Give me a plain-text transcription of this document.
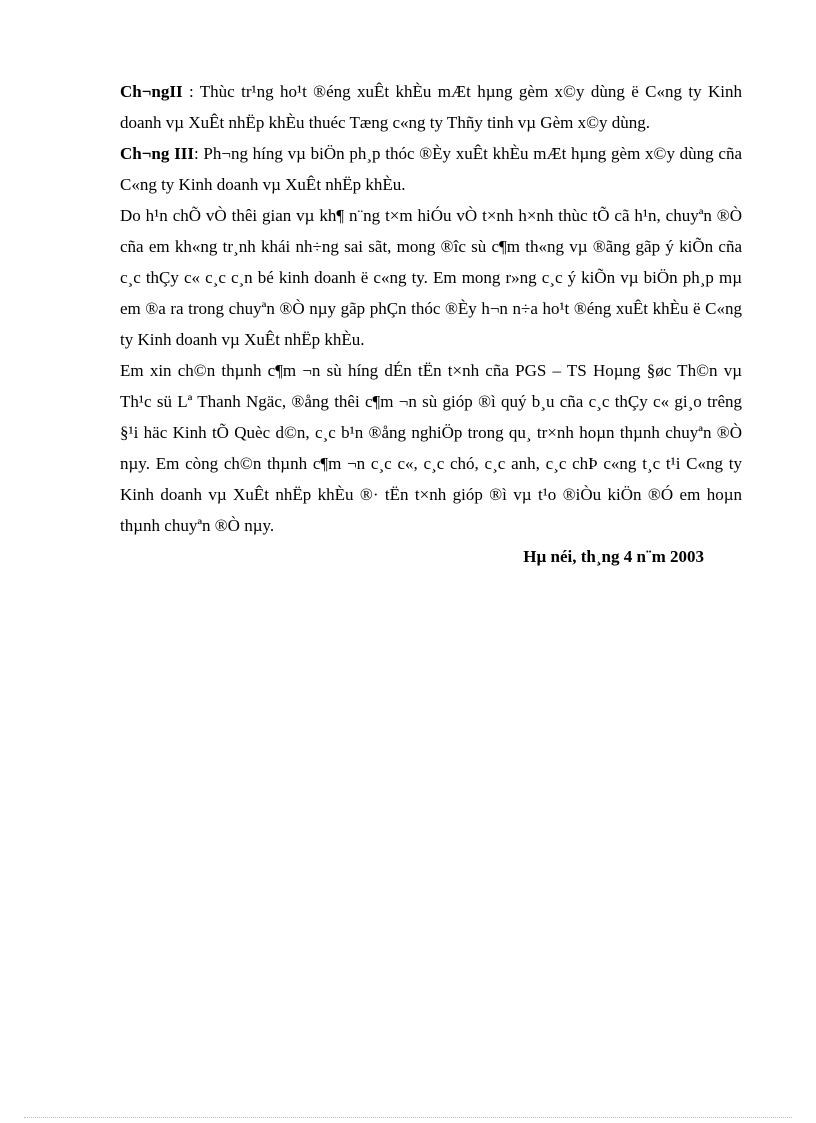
Ch¬ngII : Thùc tr¹ng ho¹t ®éng xuÊt khÈu mÆt hµng gèm x©y dùng ë C«ng ty Kinh doanh vµ XuÊt nhËp khÈu thuéc Tæng c«ng ty Thñy tinh vµ Gèm x©y dùng.

Ch¬ng III: Ph¬ng híng vµ biÖn ph¸p thóc ®Èy xuÊt khÈu mÆt hµng gèm x©y dùng cña C«ng ty Kinh doanh vµ XuÊt nhËp khÈu.

Do h¹n chÕ vÒ thêi gian vµ kh¶ n¨ng t×m hiÓu vÒ t×nh h×nh thùc tÕ cã h¹n, chuyªn ®Ò cña em kh«ng tr¸nh khái nh÷ng sai sãt, mong ®îc sù c¶m th«ng vµ ®ãng gãp ý kiÕn cña c¸c thÇy c« c¸c c¸n bé kinh doanh ë c«ng ty. Em mong r»ng c¸c ý kiÕn vµ biÖn ph¸p mµ em ®a ra trong chuyªn ®Ò nµy gãp phÇn thóc ®Èy h¬n n÷a ho¹t ®éng xuÊt khÈu ë C«ng ty Kinh doanh vµ XuÊt nhËp khÈu.

Em xin ch©n thµnh c¶m ¬n sù híng dÉn tËn t×nh cña PGS – TS Hoµng §øc Th©n vµ Th¹c sü Lª Thanh Ngäc, ®ång thêi c¶m ¬n sù gióp ®ì quý b¸u cña c¸c thÇy c« gi¸o trêng §¹i häc Kinh tÕ Quèc d©n, c¸c b¹n ®ång nghiÖp trong qu¸ tr×nh hoµn thµnh chuyªn ®Ò nµy. Em còng ch©n thµnh c¶m ¬n c¸c c«, c¸c chó, c¸c anh, c¸c chÞ c«ng t¸c t¹i C«ng ty Kinh doanh vµ XuÊt nhËp khÈu ®· tËn t×nh gióp ®ì vµ t¹o ®iÒu kiÖn ®Ó em hoµn thµnh chuyªn ®Ò nµy.

Hµ néi, th¸ng 4 n¨m 2003
